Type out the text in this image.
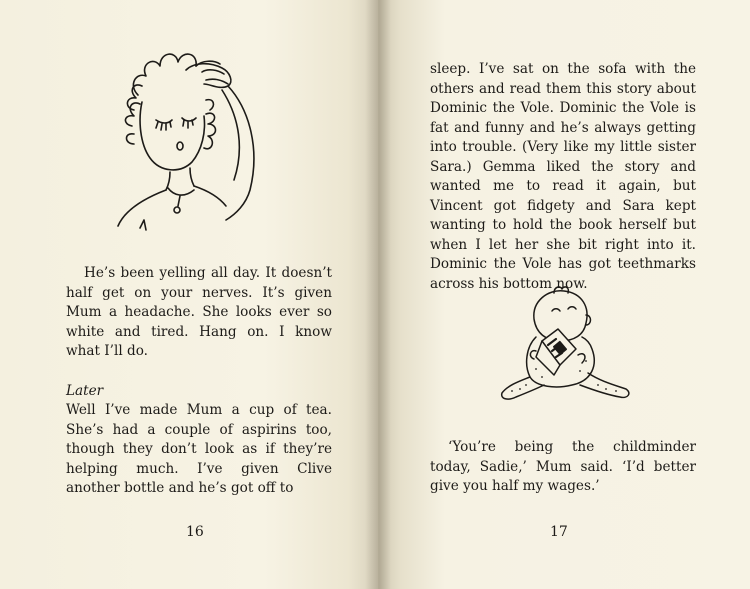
He’s been yelling all day. It doesn’t half get on your nerves. It’s given Mum a headache. She looks ever so white and tired. Hang on. I know what I’ll do.

Later

Well I’ve made Mum a cup of tea. She’s had a couple of aspirins too, though they don’t look as if they’re helping much. I’ve given Clive another bottle and he’s got off to

16

sleep. I’ve sat on the sofa with the others and read them this story about Dominic the Vole. Dominic the Vole is fat and funny and he’s always getting into trouble. (Very like my little sister Sara.) Gemma liked the story and wanted me to read it again, but Vincent got fidgety and Sara kept wanting to hold the book herself but when I let her she bit right into it. Dominic the Vole has got teethmarks across his bottom now.

‘You’re being the childminder today, Sadie,’ Mum said. ‘I’d better give you half my wages.’

17
